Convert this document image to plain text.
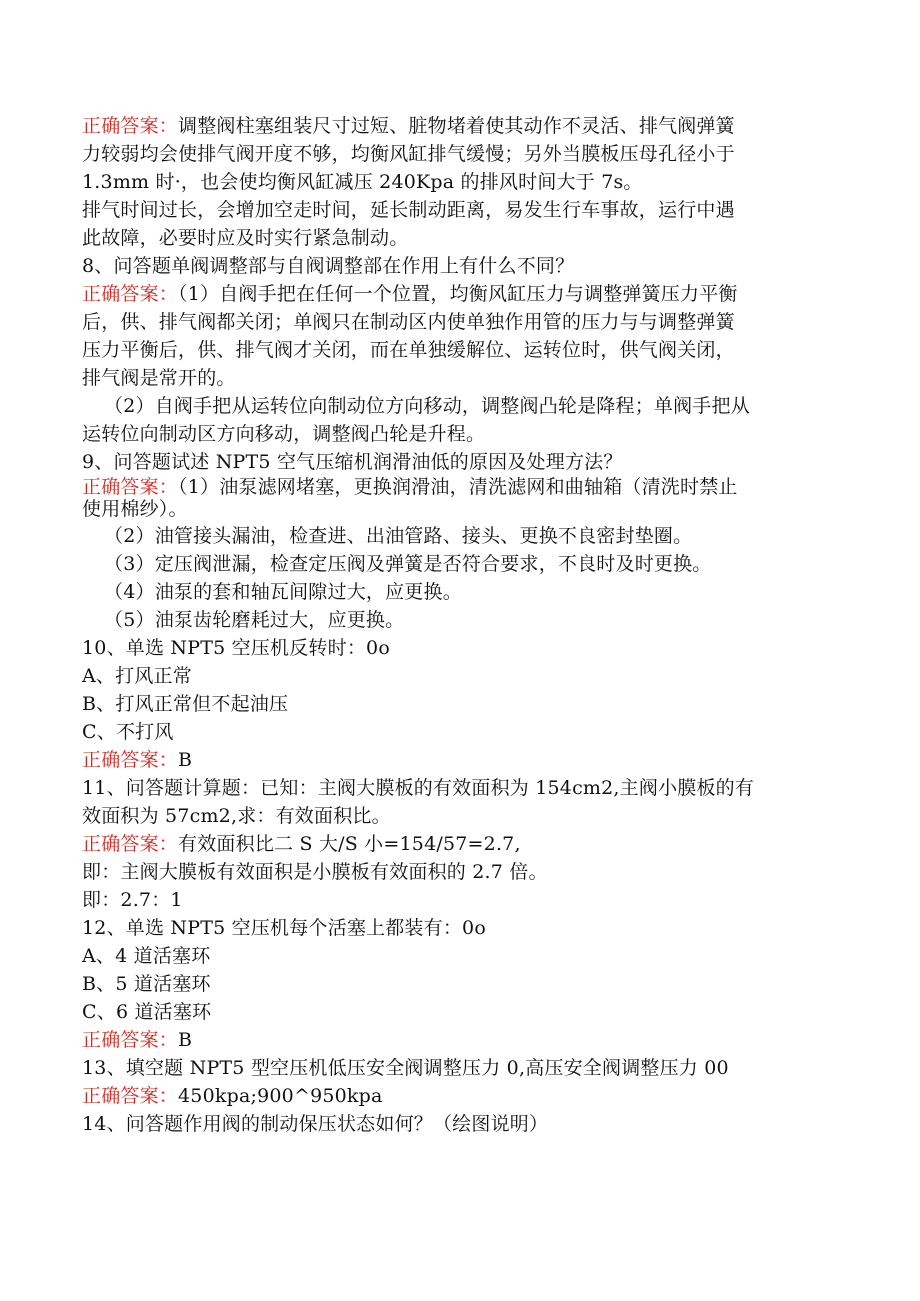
正确答案：调整阀柱塞组装尺寸过短、脏物堵着使其动作不灵活、排气阀弹簧
力较弱均会使排气阀开度不够，均衡风缸排气缓慢；另外当膜板压母孔径小于
1.3mm 时·，也会使均衡风缸减压 240Kpa 的排风时间大于 7s。
排气时间过长，会增加空走时间，延长制动距离，易发生行车事故，运行中遇
此故障，必要时应及时实行紧急制动。
8、问答题单阀调整部与自阀调整部在作用上有什么不同？
正确答案：（1）自阀手把在任何一个位置，均衡风缸压力与调整弹簧压力平衡
后，供、排气阀都关闭；单阀只在制动区内使单独作用管的压力与与调整弹簧
压力平衡后，供、排气阀才关闭，而在单独缓解位、运转位时，供气阀关闭，
排气阀是常开的。
（2）自阀手把从运转位向制动位方向移动，调整阀凸轮是降程；单阀手把从
运转位向制动区方向移动，调整阀凸轮是升程。
9、问答题试述 NPT5 空气压缩机润滑油低的原因及处理方法？
正确答案：（1）油泵滤网堵塞，更换润滑油，清洗滤网和曲轴箱（清洗时禁止
使用棉纱）。
（2）油管接头漏油，检查进、出油管路、接头、更换不良密封垫圈。
（3）定压阀泄漏，检查定压阀及弹簧是否符合要求，不良时及时更换。
（4）油泵的套和轴瓦间隙过大，应更换。
（5）油泵齿轮磨耗过大，应更换。
10、单选 NPT5 空压机反转时：0o
A、打风正常
B、打风正常但不起油压
C、不打风
正确答案：B
11、问答题计算题：已知：主阀大膜板的有效面积为 154cm2,主阀小膜板的有
效面积为 57cm2,求：有效面积比。
正确答案：有效面积比二 S 大/S 小=154/57=2.7,
即：主阀大膜板有效面积是小膜板有效面积的 2.7 倍。
即：2.7：1
12、单选 NPT5 空压机每个活塞上都装有：0o
A、4 道活塞环
B、5 道活塞环
C、6 道活塞环
正确答案：B
13、填空题 NPT5 型空压机低压安全阀调整压力 0,高压安全阀调整压力 00
正确答案：450kpa;900^950kpa
14、问答题作用阀的制动保压状态如何？（绘图说明）
